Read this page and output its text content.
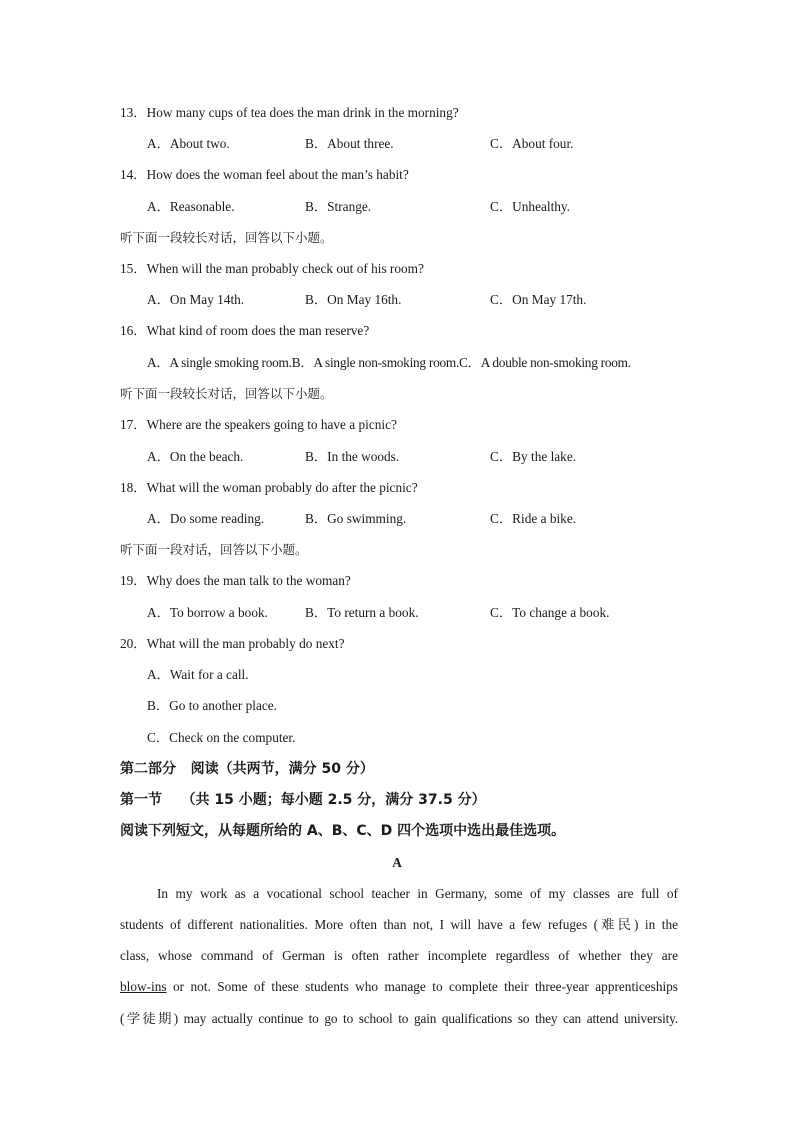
13．How many cups of tea does the man drink in the morning?
A．About two.	B．About three.	C．About four.
14．How does the woman feel about the man’s habit?
A．Reasonable.	B．Strange.	C．Unhealthy.
听下面一段较长对话，回答以下小题。
15．When will the man probably check out of his room?
A．On May 14th.	B．On May 16th.	C．On May 17th.
16．What kind of room does the man reserve?
A．A single smoking room.B．A single non-smoking room.C．A double non-smoking room.
听下面一段较长对话，回答以下小题。
17．Where are the speakers going to have a picnic?
A．On the beach.	B．In the woods.	C．By the lake.
18．What will the woman probably do after the picnic?
A．Do some reading.	B．Go swimming.	C．Ride a bike.
听下面一段对话，回答以下小题。
19．Why does the man talk to the woman?
A．To borrow a book.	B．To return a book.	C．To change a book.
20．What will the man probably do next?
A．Wait for a call.
B．Go to another place.
C．Check on the computer.
第二部分   阅读（共两节，满分 50 分）
第一节    （共 15 小题；每小题 2.5 分，满分 37.5 分）
阅读下列短文，从每题所给的 A、B、C、D 四个选项中选出最佳选项。
A
In my work as a vocational school teacher in Germany, some of my classes are full of
students of different nationalities. More often than not, I will have a few refuges (难民) in the
class, whose command of German is often rather incomplete regardless of whether they are
blow-ins or not. Some of these students who manage to complete their three-year apprenticeships
(学徒期) may actually continue to go to school to gain qualifications so they can attend university.
